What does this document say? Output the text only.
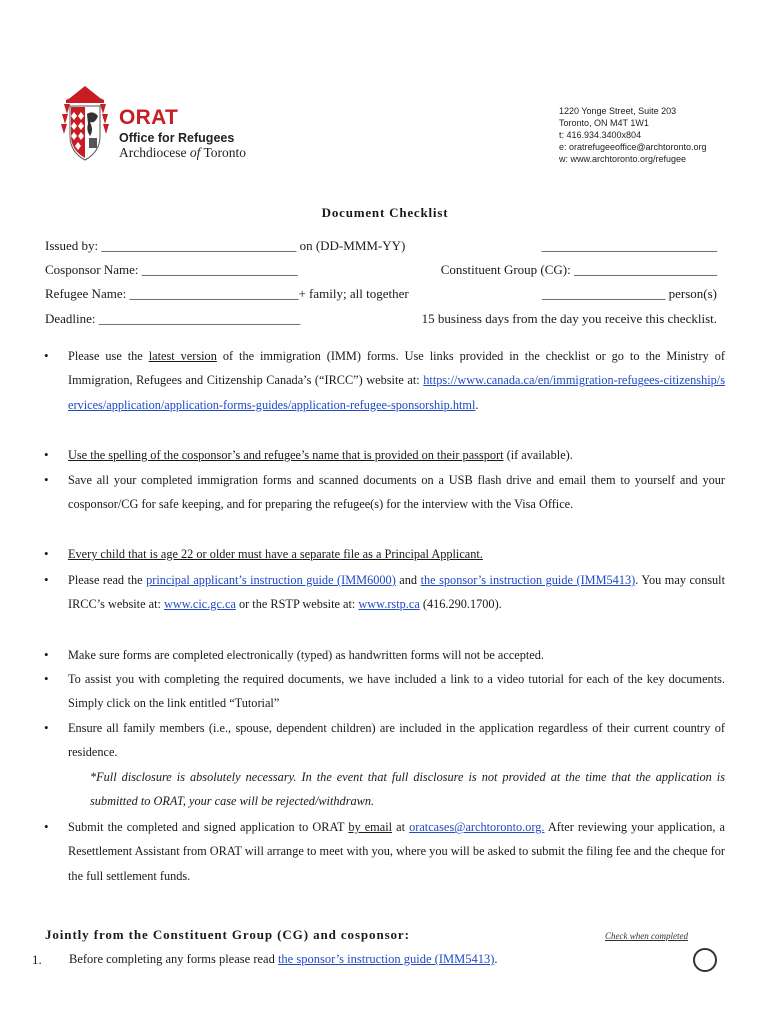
ORAT
Office for Refugees
Archdiocese of Toronto
1220 Yonge Street, Suite 203
Toronto, ON M4T 1W1
t: 416.934.3400x804
e: oratrefugeeoffice@archtoronto.org
w: www.archtoronto.org/refugee
Document Checklist
Issued by: ______________________________ on (DD-MMM-YY)	___________________________
Cosponsor Name: ________________________	Constituent Group (CG): ______________________
Refugee Name: __________________________+ family; all together	___________________ person(s)
Deadline: _______________________________	15 business days from the day you receive this checklist.
• Please use the latest version of the immigration (IMM) forms. Use links provided in the checklist or go to the Ministry of Immigration, Refugees and Citizenship Canada’s (“IRCC”) website at: https://www.canada.ca/en/immigration-refugees-citizenship/services/application/application-forms-guides/application-refugee-sponsorship.html.
• Use the spelling of the cosponsor’s and refugee’s name that is provided on their passport (if available).
• Save all your completed immigration forms and scanned documents on a USB flash drive and email them to yourself and your cosponsor/CG for safe keeping, and for preparing the refugee(s) for the interview with the Visa Office.
• Every child that is age 22 or older must have a separate file as a Principal Applicant.
• Please read the principal applicant’s instruction guide (IMM6000) and the sponsor’s instruction guide (IMM5413). You may consult IRCC’s website at: www.cic.gc.ca or the RSTP website at: www.rstp.ca (416.290.1700).
• Make sure forms are completed electronically (typed) as handwritten forms will not be accepted.
• To assist you with completing the required documents, we have included a link to a video tutorial for each of the key documents. Simply click on the link entitled “Tutorial”
• Ensure all family members (i.e., spouse, dependent children) are included in the application regardless of their current country of residence.
*Full disclosure is absolutely necessary. In the event that full disclosure is not provided at the time that the application is submitted to ORAT, your case will be rejected/withdrawn.
• Submit the completed and signed application to ORAT by email at oratcases@archtoronto.org. After reviewing your application, a Resettlement Assistant from ORAT will arrange to meet with you, where you will be asked to submit the filing fee and the cheque for the full settlement funds.
Jointly from the Constituent Group (CG) and cosponsor:	Check when completed
1. Before completing any forms please read the sponsor’s instruction guide (IMM5413).
